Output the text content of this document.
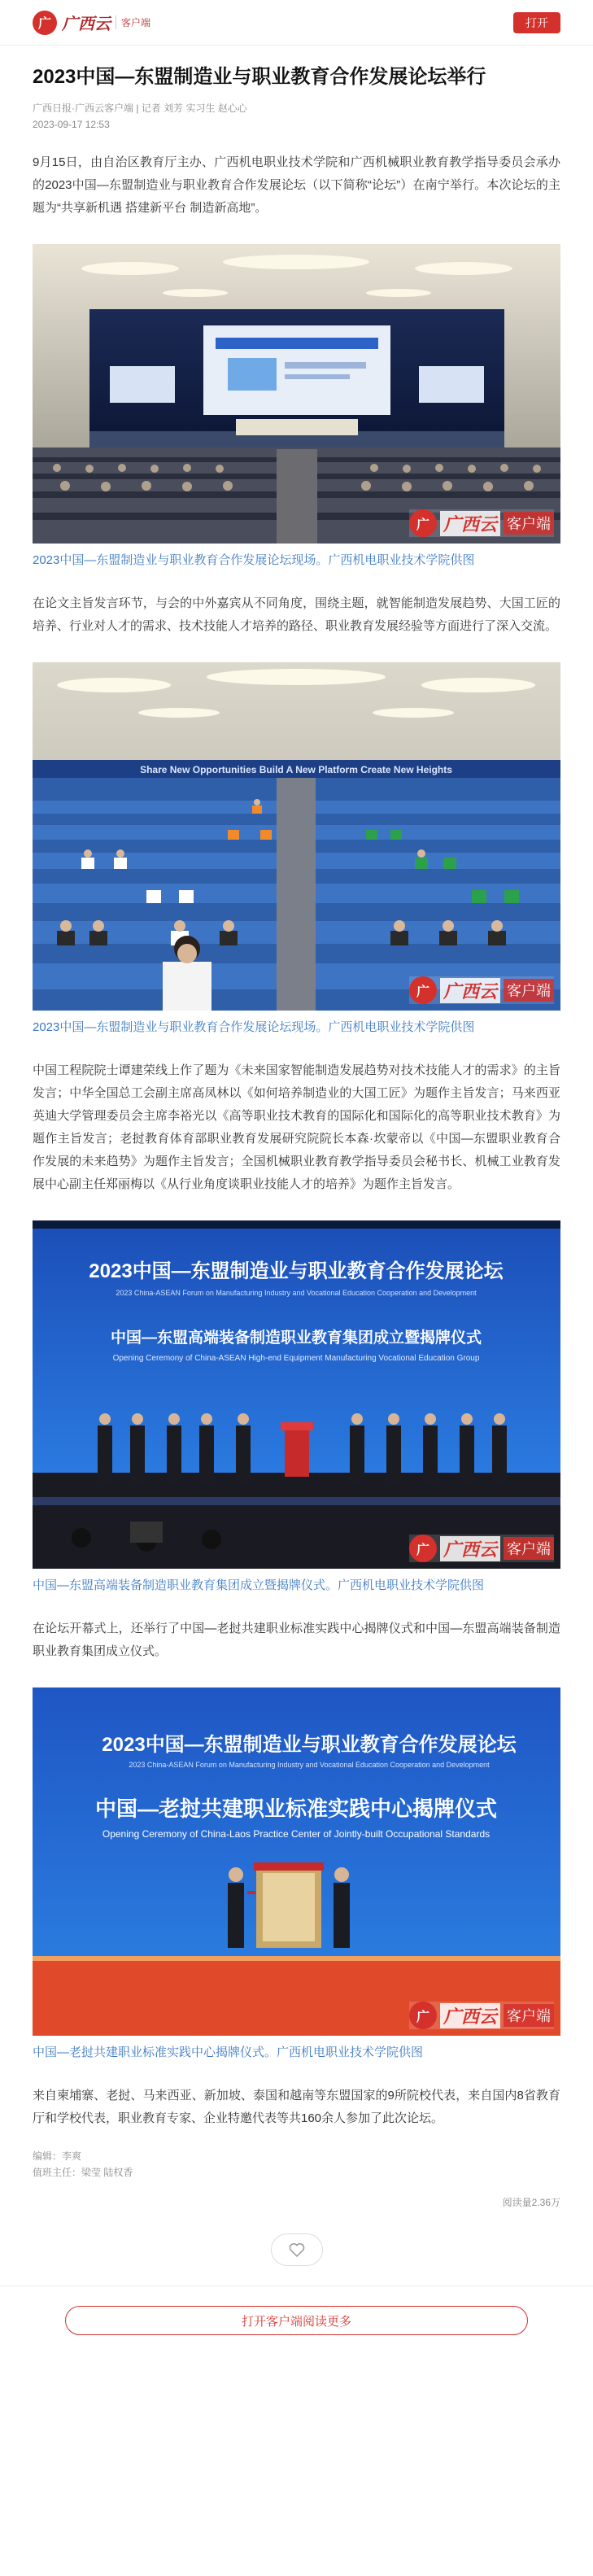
广 广西云	客户端	打开
2023中国—东盟制造业与职业教育合作发展论坛举行
广西日报·广西云客户端 | 记者 刘芳 实习生 赵心心
2023-09-17 12:53

9月15日，由自治区教育厅主办、广西机电职业技术学院和广西机械职业教育教学指导委员会承办的2023中国—东盟制造业与职业教育合作发展论坛（以下简称“论坛”）在南宁举行。本次论坛的主题为“共享新机遇 搭建新平台 制造新高地”。

广 广西云 客户端
2023中国—东盟制造业与职业教育合作发展论坛现场。广西机电职业技术学院供图

在论文主旨发言环节，与会的中外嘉宾从不同角度，围绕主题，就智能制造发展趋势、大国工匠的培养、行业对人才的需求、技术技能人才培养的路径、职业教育发展经验等方面进行了深入交流。

Share New Opportunities Build A New Platform Create New Heights
广 广西云 客户端
2023中国—东盟制造业与职业教育合作发展论坛现场。广西机电职业技术学院供图

中国工程院院士谭建荣线上作了题为《未来国家智能制造发展趋势对技术技能人才的需求》的主旨发言；中华全国总工会副主席高凤林以《如何培养制造业的大国工匠》为题作主旨发言；马来西亚英迪大学管理委员会主席李裕光以《高等职业技术教育的国际化和国际化的高等职业技术教育》为题作主旨发言；老挝教育体育部职业教育发展研究院院长本森·坎蒙帝以《中国—东盟职业教育合作发展的未来趋势》为题作主旨发言；全国机械职业教育教学指导委员会秘书长、机械工业教育发展中心副主任郑丽梅以《从行业角度谈职业技能人才的培养》为题作主旨发言。

2023中国—东盟制造业与职业教育合作发展论坛
2023 China-ASEAN Forum on Manufacturing Industry and Vocational Education Cooperation and Development
中国—东盟高端装备制造职业教育集团成立暨揭牌仪式
Opening Ceremony of China-ASEAN High-end Equipment Manufacturing Vocational Education Group
广 广西云 客户端
中国—东盟高端装备制造职业教育集团成立暨揭牌仪式。广西机电职业技术学院供图

在论坛开幕式上，还举行了中国—老挝共建职业标准实践中心揭牌仪式和中国—东盟高端装备制造职业教育集团成立仪式。

2023中国—东盟制造业与职业教育合作发展论坛
2023 China-ASEAN Forum on Manufacturing Industry and Vocational Education Cooperation and Development
中国—老挝共建职业标准实践中心揭牌仪式
Opening Ceremony of China-Laos Practice Center of Jointly-built Occupational Standards
广 广西云 客户端
中国—老挝共建职业标准实践中心揭牌仪式。广西机电职业技术学院供图

来自柬埔寨、老挝、马来西亚、新加坡、泰国和越南等东盟国家的9所院校代表，来自国内8省教育厅和学校代表，职业教育专家、企业特邀代表等共160余人参加了此次论坛。

编辑：李爽
值班主任：梁莹 陆权香
阅读量2.36万
打开客户端阅读更多
